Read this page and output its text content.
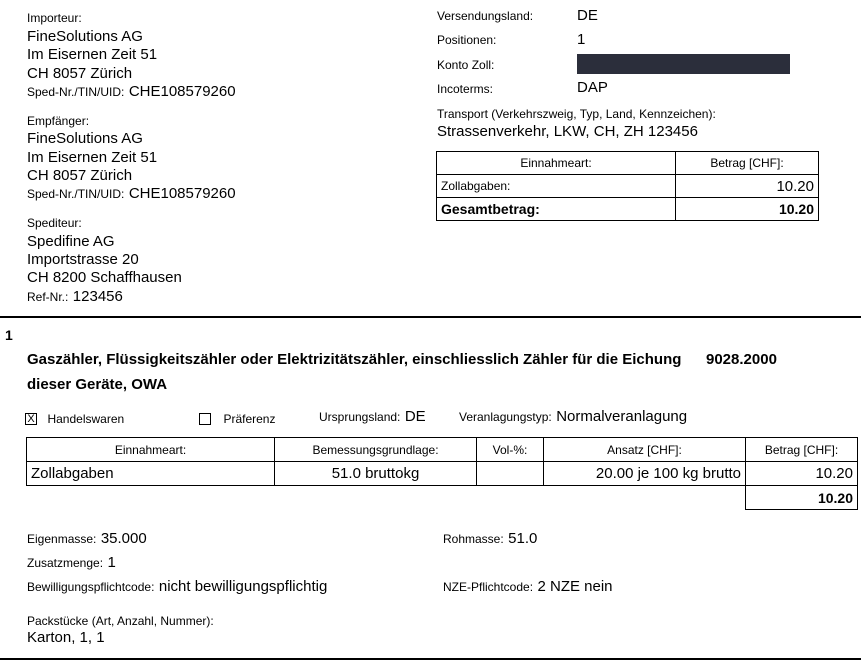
Importeur:
FineSolutions AG
Im Eisernen Zeit 51
CH 8057 Zürich
Sped-Nr./TIN/UID: CHE108579260
Empfänger:
FineSolutions AG
Im Eisernen Zeit 51
CH 8057 Zürich
Sped-Nr./TIN/UID: CHE108579260
Spediteur:
Spedifine AG
Importstrasse 20
CH 8200 Schaffhausen
Ref-Nr.: 123456
Versendungsland:	DE
Positionen:	1
Konto Zoll:
Incoterms:	DAP
Transport (Verkehrszweig, Typ, Land, Kennzeichen):
Strassenverkehr, LKW, CH, ZH 123456
Einnahmeart:	Betrag [CHF]:
Zollabgaben:	10.20
Gesamtbetrag:	10.20
1
Gaszähler, Flüssigkeitszähler oder Elektrizitätszähler, einschliesslich Zähler für die Eichung 9028.2000
dieser Geräte, OWA
X Handelswaren	Präferenz	Ursprungsland: DE	Veranlagungstyp: Normalveranlagung
Einnahmeart:	Bemessungsgrundlage:	Vol-%:	Ansatz [CHF]:	Betrag [CHF]:
Zollabgaben	51.0 bruttokg		20.00 je 100 kg brutto	10.20
				10.20
Eigenmasse: 35.000	Rohmasse: 51.0
Zusatzmenge: 1
Bewilligungspflichtcode: nicht bewilligungspflichtig	NZE-Pflichtcode: 2 NZE nein
Packstücke (Art, Anzahl, Nummer):
Karton, 1, 1
